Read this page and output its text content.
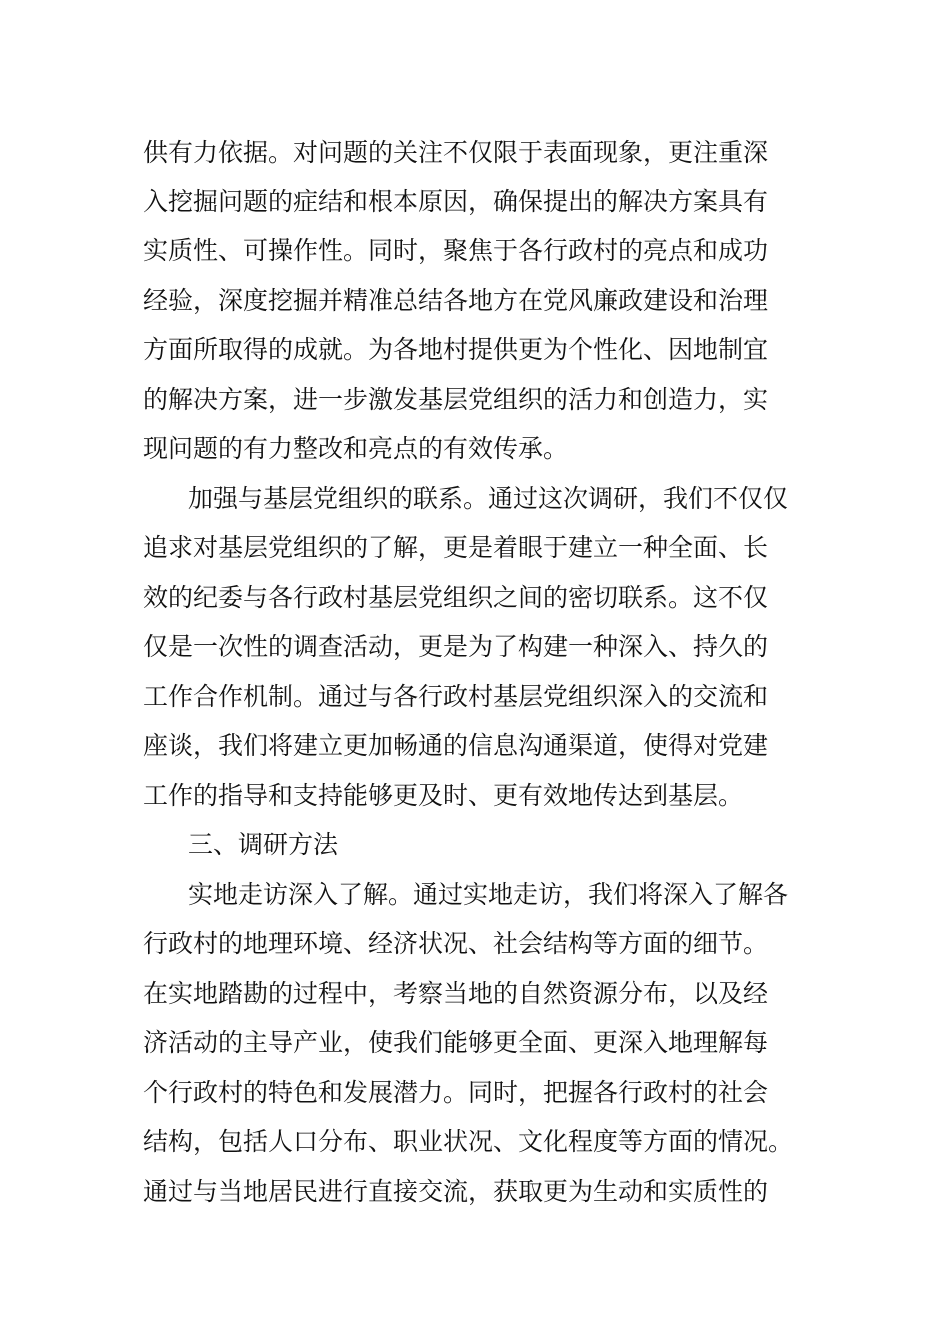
供有力依据。对问题的关注不仅限于表面现象，更注重深
入挖掘问题的症结和根本原因，确保提出的解决方案具有
实质性、可操作性。同时，聚焦于各行政村的亮点和成功
经验，深度挖掘并精准总结各地方在党风廉政建设和治理
方面所取得的成就。为各地村提供更为个性化、因地制宜
的解决方案，进一步激发基层党组织的活力和创造力，实
现问题的有力整改和亮点的有效传承。
加强与基层党组织的联系。通过这次调研，我们不仅仅
追求对基层党组织的了解，更是着眼于建立一种全面、长
效的纪委与各行政村基层党组织之间的密切联系。这不仅
仅是一次性的调查活动，更是为了构建一种深入、持久的
工作合作机制。通过与各行政村基层党组织深入的交流和
座谈，我们将建立更加畅通的信息沟通渠道，使得对党建
工作的指导和支持能够更及时、更有效地传达到基层。
三、调研方法
实地走访深入了解。通过实地走访，我们将深入了解各
行政村的地理环境、经济状况、社会结构等方面的细节。
在实地踏勘的过程中，考察当地的自然资源分布，以及经
济活动的主导产业，使我们能够更全面、更深入地理解每
个行政村的特色和发展潜力。同时，把握各行政村的社会
结构，包括人口分布、职业状况、文化程度等方面的情况。
通过与当地居民进行直接交流，获取更为生动和实质性的
